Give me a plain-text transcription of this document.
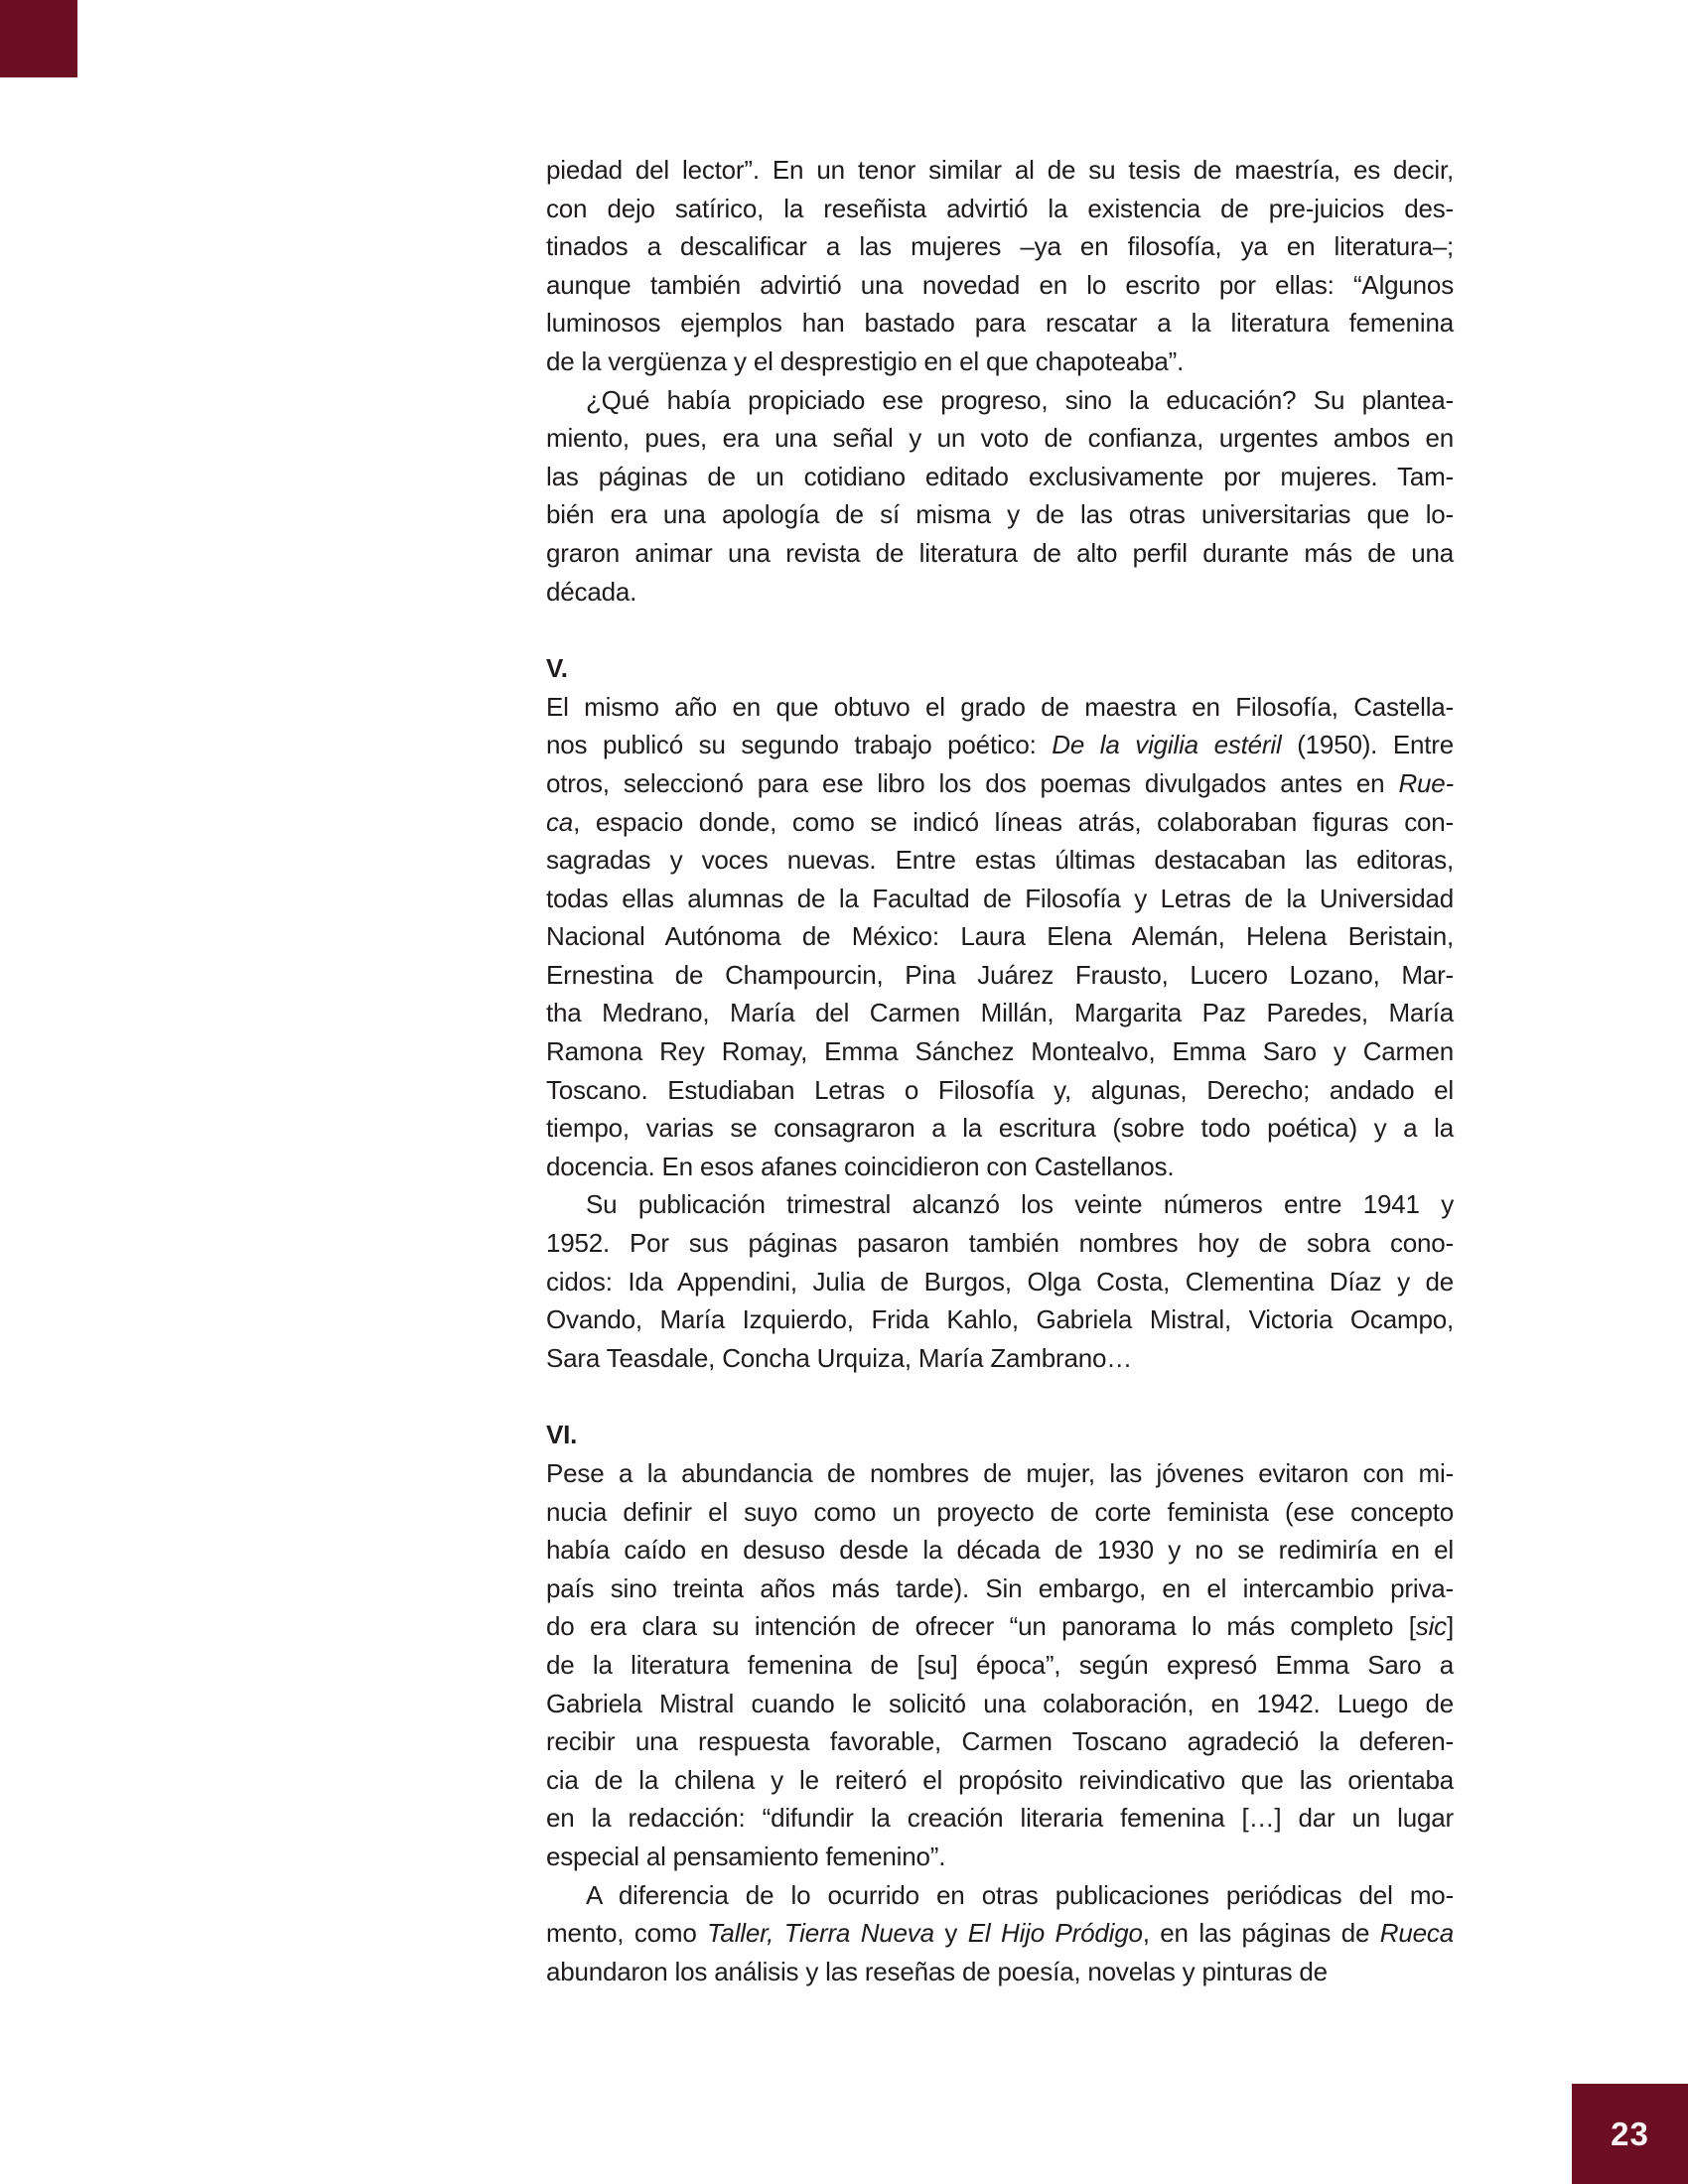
piedad del lector”. En un tenor similar al de su tesis de maestría, es decir,
con dejo satírico, la reseñista advirtió la existencia de pre-juicios des-
tinados a descalificar a las mujeres –ya en filosofía, ya en literatura–;
aunque también advirtió una novedad en lo escrito por ellas: “Algunos
luminosos ejemplos han bastado para rescatar a la literatura femenina
de la vergüenza y el desprestigio en el que chapoteaba”.
¿Qué había propiciado ese progreso, sino la educación? Su plantea-
miento, pues, era una señal y un voto de confianza, urgentes ambos en
las páginas de un cotidiano editado exclusivamente por mujeres. Tam-
bién era una apología de sí misma y de las otras universitarias que lo-
graron animar una revista de literatura de alto perfil durante más de una
década.
V.
El mismo año en que obtuvo el grado de maestra en Filosofía, Castella-
nos publicó su segundo trabajo poético: De la vigilia estéril (1950). Entre
otros, seleccionó para ese libro los dos poemas divulgados antes en Rue-
ca, espacio donde, como se indicó líneas atrás, colaboraban figuras con-
sagradas y voces nuevas. Entre estas últimas destacaban las editoras,
todas ellas alumnas de la Facultad de Filosofía y Letras de la Universidad
Nacional Autónoma de México: Laura Elena Alemán, Helena Beristain,
Ernestina de Champourcin, Pina Juárez Frausto, Lucero Lozano, Mar-
tha Medrano, María del Carmen Millán, Margarita Paz Paredes, María
Ramona Rey Romay, Emma Sánchez Montealvo, Emma Saro y Carmen
Toscano. Estudiaban Letras o Filosofía y, algunas, Derecho; andado el
tiempo, varias se consagraron a la escritura (sobre todo poética) y a la
docencia. En esos afanes coincidieron con Castellanos.
Su publicación trimestral alcanzó los veinte números entre 1941 y
1952. Por sus páginas pasaron también nombres hoy de sobra cono-
cidos: Ida Appendini, Julia de Burgos, Olga Costa, Clementina Díaz y de
Ovando, María Izquierdo, Frida Kahlo, Gabriela Mistral, Victoria Ocampo,
Sara Teasdale, Concha Urquiza, María Zambrano…
VI.
Pese a la abundancia de nombres de mujer, las jóvenes evitaron con mi-
nucia definir el suyo como un proyecto de corte feminista (ese concepto
había caído en desuso desde la década de 1930 y no se redimiría en el
país sino treinta años más tarde). Sin embargo, en el intercambio priva-
do era clara su intención de ofrecer “un panorama lo más completo [sic]
de la literatura femenina de [su] época”, según expresó Emma Saro a
Gabriela Mistral cuando le solicitó una colaboración, en 1942. Luego de
recibir una respuesta favorable, Carmen Toscano agradeció la deferen-
cia de la chilena y le reiteró el propósito reivindicativo que las orientaba
en la redacción: “difundir la creación literaria femenina […] dar un lugar
especial al pensamiento femenino”.
A diferencia de lo ocurrido en otras publicaciones periódicas del mo-
mento, como Taller, Tierra Nueva y El Hijo Pródigo, en las páginas de Rueca
abundaron los análisis y las reseñas de poesía, novelas y pinturas de
23
